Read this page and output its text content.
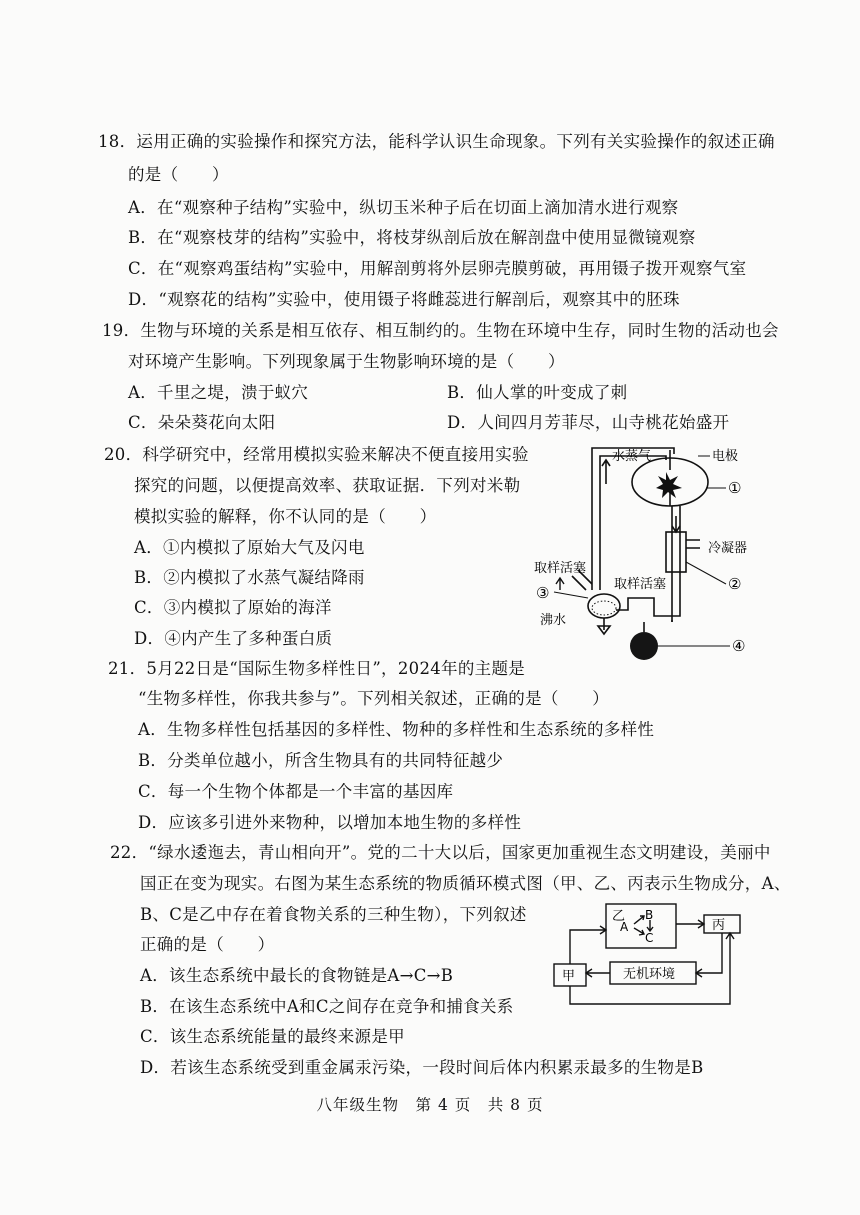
18．运用正确的实验操作和探究方法，能科学认识生命现象。下列有关实验操作的叙述正确
的是（　　）
A．在“观察种子结构”实验中，纵切玉米种子后在切面上滴加清水进行观察
B．在“观察枝芽的结构”实验中，将枝芽纵剖后放在解剖盘中使用显微镜观察
C．在“观察鸡蛋结构”实验中，用解剖剪将外层卵壳膜剪破，再用镊子拨开观察气室
D．“观察花的结构”实验中，使用镊子将雌蕊进行解剖后，观察其中的胚珠
19．生物与环境的关系是相互依存、相互制约的。生物在环境中生存，同时生物的活动也会
对环境产生影响。下列现象属于生物影响环境的是（　　）
A．千里之堤，溃于蚁穴	B．仙人掌的叶变成了刺
C．朵朵葵花向太阳	D．人间四月芳菲尽，山寺桃花始盛开
20．科学研究中，经常用模拟实验来解决不便直接用实验
探究的问题，以便提高效率、获取证据．下列对米勒
模拟实验的解释，你不认同的是（　　）
A．①内模拟了原始大气及闪电
B．②内模拟了水蒸气凝结降雨
C．③内模拟了原始的海洋
D．④内产生了多种蛋白质
水蒸气	电极
①
冷凝器
②
取样活塞
取样活塞
③
沸水
④
21．5月22日是“国际生物多样性日”，2024年的主题是
“生物多样性，你我共参与”。下列相关叙述，正确的是（　　）
A．生物多样性包括基因的多样性、物种的多样性和生态系统的多样性
B．分类单位越小，所含生物具有的共同特征越少
C．每一个生物个体都是一个丰富的基因库
D．应该多引进外来物种，以增加本地生物的多样性
22．“绿水逶迤去，青山相向开”。党的二十大以后，国家更加重视生态文明建设，美丽中
国正在变为现实。右图为某生态系统的物质循环模式图（甲、乙、丙表示生物成分，A、
B、C是乙中存在着食物关系的三种生物），下列叙述
正确的是（　　）
A．该生态系统中最长的食物链是A→C→B
B．在该生态系统中A和C之间存在竞争和捕食关系
C．该生态系统能量的最终来源是甲
D．若该生态系统受到重金属汞污染，一段时间后体内积累汞最多的生物是B
乙
A
B
C
丙
甲	无机环境
八年级生物　第 4 页　共 8 页
